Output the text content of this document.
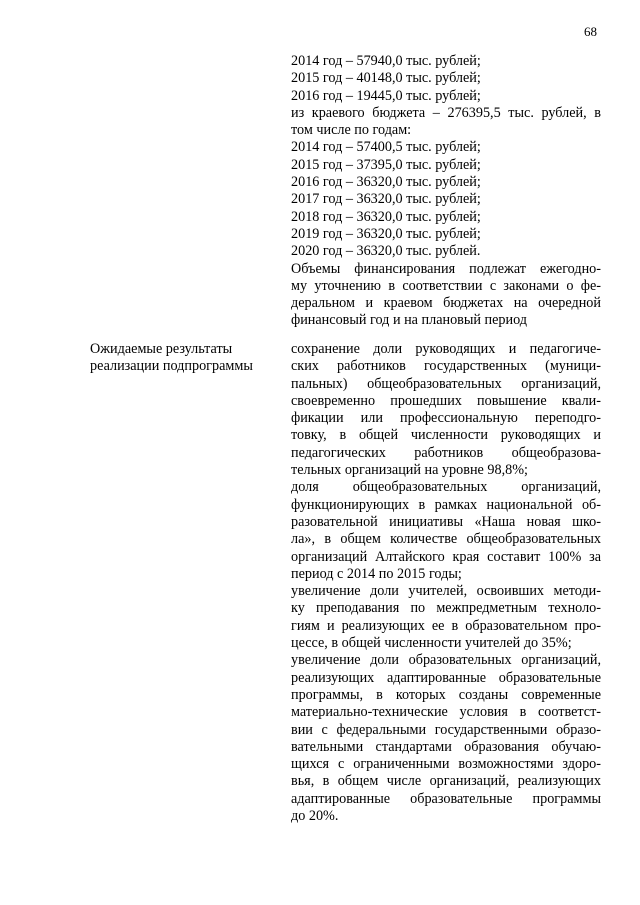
68
2014 год – 57940,0 тыс. рублей;
2015 год – 40148,0 тыс. рублей;
2016 год – 19445,0 тыс. рублей;
из краевого бюджета – 276395,5 тыс. рублей, в
том числе по годам:
2014 год – 57400,5 тыс. рублей;
2015 год – 37395,0 тыс. рублей;
2016 год – 36320,0 тыс. рублей;
2017 год – 36320,0 тыс. рублей;
2018 год – 36320,0 тыс. рублей;
2019 год – 36320,0 тыс. рублей;
2020 год – 36320,0 тыс. рублей.
Объемы финансирования подлежат ежегодно-
му уточнению в соответствии с законами о фе-
деральном и краевом бюджетах на очередной
финансовый год и на плановый период
Ожидаемые результаты
реализации подпрограммы
сохранение доли руководящих и педагогиче-
ских работников государственных (муници-
пальных) общеобразовательных организаций,
своевременно прошедших повышение квали-
фикации или профессиональную переподго-
товку, в общей численности руководящих и
педагогических работников общеобразова-
тельных организаций на уровне 98,8%;
доля общеобразовательных организаций,
функционирующих в рамках национальной об-
разовательной инициативы «Наша новая шко-
ла», в общем количестве общеобразовательных
организаций Алтайского края составит 100% за
период с 2014 по 2015 годы;
увеличение доли учителей, освоивших методи-
ку преподавания по межпредметным техноло-
гиям и реализующих ее в образовательном про-
цессе, в общей численности учителей до 35%;
увеличение доли образовательных организаций,
реализующих адаптированные образовательные
программы, в которых созданы современные
материально-технические условия в соответст-
вии с федеральными государственными образо-
вательными стандартами образования обучаю-
щихся с ограниченными возможностями здоро-
вья, в общем числе организаций, реализующих
адаптированные образовательные программы
до 20%.
